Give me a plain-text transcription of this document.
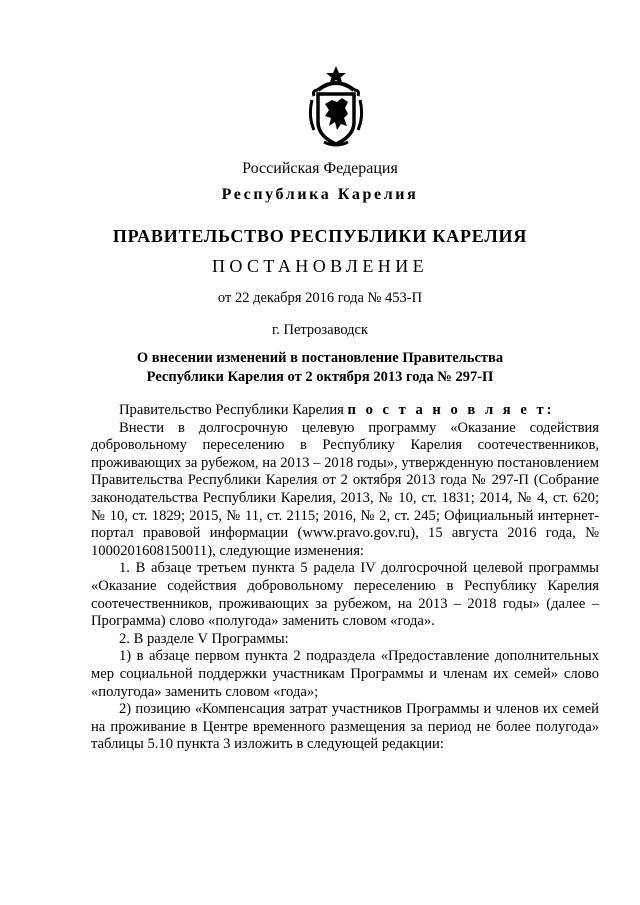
Российская Федерация
Республика Карелия
ПРАВИТЕЛЬСТВО РЕСПУБЛИКИ КАРЕЛИЯ
ПОСТАНОВЛЕНИЕ
от 22 декабря 2016 года № 453-П
г. Петрозаводск
О внесении изменений в постановление Правительства
Республики Карелия от 2 октября 2013 года № 297-П

Правительство Республики Карелия п о с т а н о в л я е т:

Внести в долгосрочную целевую программу «Оказание содействия добровольному переселению в Республику Карелия соотечественников, проживающих за рубежом, на 2013 – 2018 годы», утвержденную постановлением Правительства Республики Карелия от 2 октября 2013 года № 297-П (Собрание законодательства Республики Карелия, 2013, № 10, ст. 1831; 2014, № 4, ст. 620; № 10, ст. 1829; 2015, № 11, ст. 2115; 2016, № 2, ст. 245; Официальный интернет-портал правовой информации (www.pravo.gov.ru), 15 августа 2016 года, № 1000201608150011), следующие изменения:

1. В абзаце третьем пункта 5 радела IV долгосрочной целевой программы «Оказание содействия добровольному переселению в Республику Карелия соотечественников, проживающих за рубежом, на 2013 – 2018 годы» (далее – Программа) слово «полугода» заменить словом «года».

2. В разделе V Программы:

1) в абзаце первом пункта 2 подраздела «Предоставление дополнительных мер социальной поддержки участникам Программы и членам их семей» слово «полугода» заменить словом «года»;

2) позицию «Компенсация затрат участников Программы и членов их семей на проживание в Центре временного размещения за период не более полугода» таблицы 5.10 пункта 3 изложить в следующей редакции:
